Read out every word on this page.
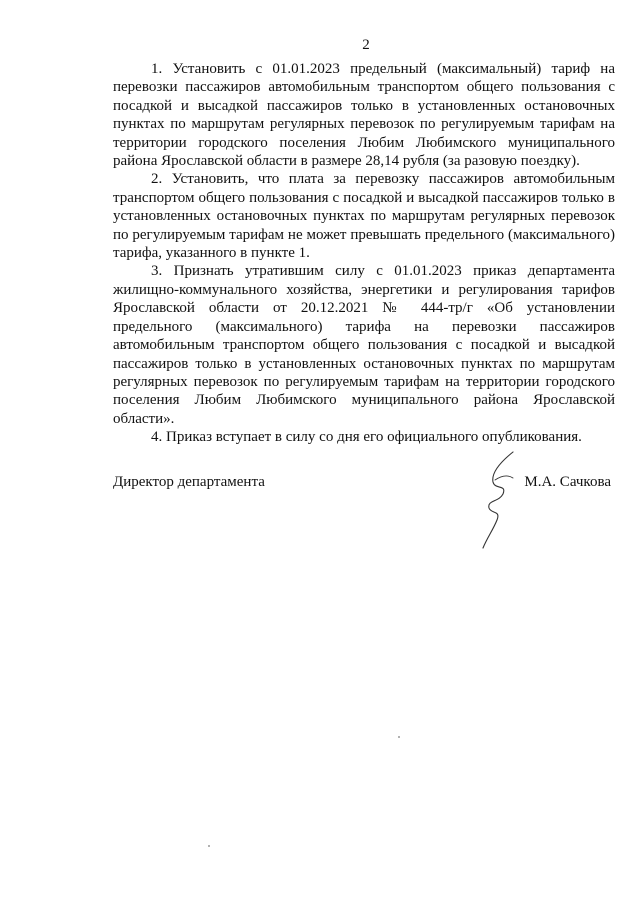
2

1. Установить с 01.01.2023 предельный (максимальный) тариф на перевозки пассажиров автомобильным транспортом общего пользования с посадкой и высадкой пассажиров только в установленных остановочных пунктах по маршрутам регулярных перевозок по регулируемым тарифам на территории городского поселения Любим Любимского муниципального района Ярославской области в размере 28,14 рубля (за разовую поездку).

2. Установить, что плата за перевозку пассажиров автомобильным транспортом общего пользования с посадкой и высадкой пассажиров только в установленных остановочных пунктах по маршрутам регулярных перевозок по регулируемым тарифам не может превышать предельного (максимального) тарифа, указанного в пункте 1.

3. Признать утратившим силу с 01.01.2023 приказ департамента жилищно-коммунального хозяйства, энергетики и регулирования тарифов Ярославской области от 20.12.2021 № 444-тр/г «Об установлении предельного (максимального) тарифа на перевозки пассажиров автомобильным транспортом общего пользования с посадкой и высадкой пассажиров только в установленных остановочных пунктах по маршрутам регулярных перевозок по регулируемым тарифам на территории городского поселения Любим Любимского муниципального района Ярославской области».

4. Приказ вступает в силу со дня его официального опубликования.

Директор департамента	М.А. Сачкова
